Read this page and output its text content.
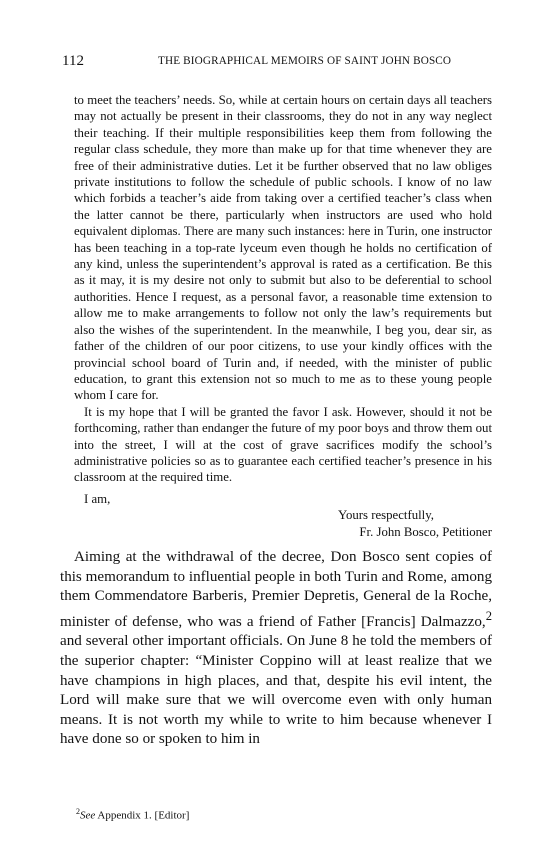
112	THE BIOGRAPHICAL MEMOIRS OF SAINT JOHN BOSCO

to meet the teachers’ needs. So, while at certain hours on certain days all teachers may not actually be present in their classrooms, they do not in any way neglect their teaching. If their multiple responsibilities keep them from following the regular class schedule, they more than make up for that time whenever they are free of their administrative duties. Let it be further observed that no law obliges private institutions to follow the schedule of public schools. I know of no law which forbids a teacher’s aide from taking over a certified teacher’s class when the latter cannot be there, particularly when instructors are used who hold equivalent diplomas. There are many such instances: here in Turin, one instructor has been teaching in a top-rate lyceum even though he holds no certification of any kind, unless the superintendent’s approval is rated as a certification. Be this as it may, it is my desire not only to submit but also to be deferential to school authorities. Hence I request, as a personal favor, a reasonable time extension to allow me to make arrangements to follow not only the law’s requirements but also the wishes of the superintendent. In the meanwhile, I beg you, dear sir, as father of the children of our poor citizens, to use your kindly offices with the provincial school board of Turin and, if needed, with the minister of public education, to grant this extension not so much to me as to these young people whom I care for.

It is my hope that I will be granted the favor I ask. However, should it not be forthcoming, rather than endanger the future of my poor boys and throw them out into the street, I will at the cost of grave sacrifices modify the school’s administrative policies so as to guarantee each certified teacher’s presence in his classroom at the required time.

I am,
Yours respectfully,
Fr. John Bosco, Petitioner

Aiming at the withdrawal of the decree, Don Bosco sent copies of this memorandum to influential people in both Turin and Rome, among them Commendatore Barberis, Premier Depretis, General de la Roche, minister of defense, who was a friend of Father [Francis] Dalmazzo,$^2$ and several other important officials. On June 8 he told the members of the superior chapter: “Minister Coppino will at least realize that we have champions in high places, and that, despite his evil intent, the Lord will make sure that we will overcome even with only human means. It is not worth my while to write to him because whenever I have done so or spoken to him in

$^2$See Appendix 1. [Editor]
